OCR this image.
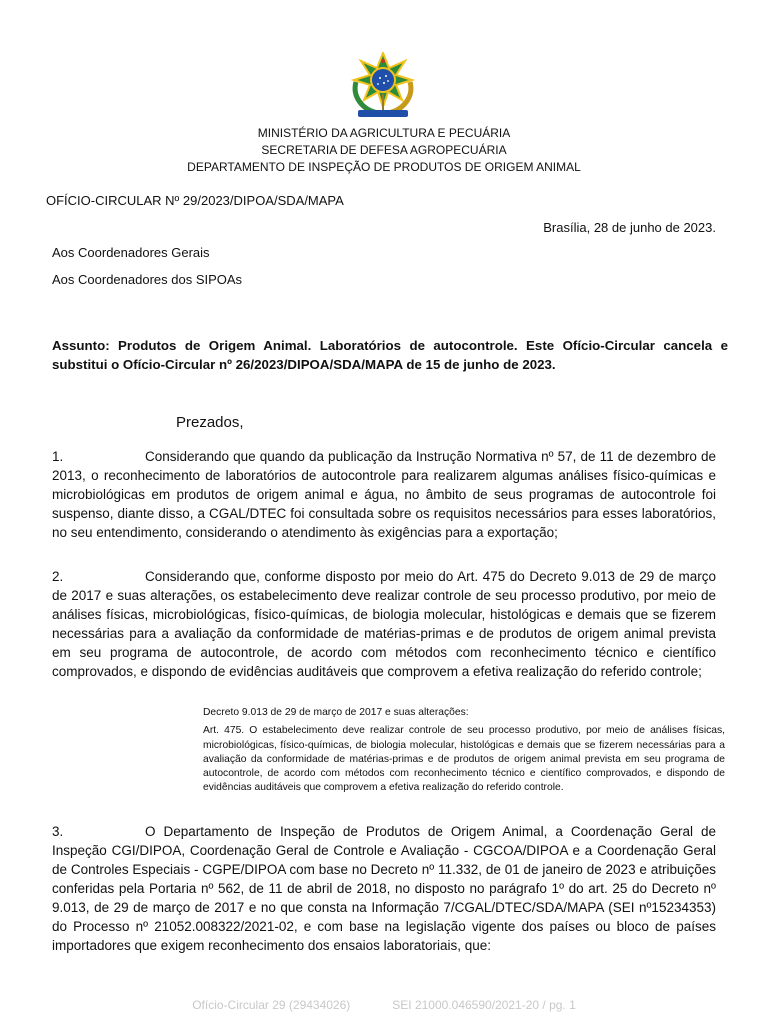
MINISTÉRIO DA AGRICULTURA E PECUÁRIA
SECRETARIA DE DEFESA AGROPECUÁRIA
DEPARTAMENTO DE INSPEÇÃO DE PRODUTOS DE ORIGEM ANIMAL
OFÍCIO-CIRCULAR Nº 29/2023/DIPOA/SDA/MAPA
Brasília, 28 de junho de 2023.
Aos Coordenadores Gerais
Aos Coordenadores dos SIPOAs
Assunto: Produtos de Origem Animal. Laboratórios de autocontrole. Este Ofício-Circular cancela e substitui o Ofício-Circular nº 26/2023/DIPOA/SDA/MAPA de 15 de junho de 2023.
Prezados,
1.	Considerando que quando da publicação da Instrução Normativa nº 57, de 11 de dezembro de 2013, o reconhecimento de laboratórios de autocontrole para realizarem algumas análises físico-químicas e microbiológicas em produtos de origem animal e água, no âmbito de seus programas de autocontrole foi suspenso, diante disso, a CGAL/DTEC foi consultada sobre os requisitos necessários para esses laboratórios, no seu entendimento, considerando o atendimento às exigências para a exportação;
2.	Considerando que, conforme disposto por meio do Art. 475 do Decreto 9.013 de 29 de março de 2017 e suas alterações, os estabelecimento deve realizar controle de seu processo produtivo, por meio de análises físicas, microbiológicas, físico-químicas, de biologia molecular, histológicas e demais que se fizerem necessárias para a avaliação da conformidade de matérias-primas e de produtos de origem animal prevista em seu programa de autocontrole, de acordo com métodos com reconhecimento técnico e científico comprovados, e dispondo de evidências auditáveis que comprovem a efetiva realização do referido controle;
Decreto 9.013 de 29 de março de 2017 e suas alterações:
Art. 475. O estabelecimento deve realizar controle de seu processo produtivo, por meio de análises físicas, microbiológicas, físico-químicas, de biologia molecular, histológicas e demais que se fizerem necessárias para a avaliação da conformidade de matérias-primas e de produtos de origem animal prevista em seu programa de autocontrole, de acordo com métodos com reconhecimento técnico e científico comprovados, e dispondo de evidências auditáveis que comprovem a efetiva realização do referido controle.
3.	O Departamento de Inspeção de Produtos de Origem Animal, a Coordenação Geral de Inspeção CGI/DIPOA, Coordenação Geral de Controle e Avaliação - CGCOA/DIPOA e a Coordenação Geral de Controles Especiais - CGPE/DIPOA com base no Decreto nº 11.332, de 01 de janeiro de 2023 e atribuições conferidas pela Portaria nº 562, de 11 de abril de 2018, no disposto no parágrafo 1º do art. 25 do Decreto nº 9.013, de 29 de março de 2017 e no que consta na Informação 7/CGAL/DTEC/SDA/MAPA (SEI nº15234353) do Processo nº 21052.008322/2021-02, e com base na legislação vigente dos países ou bloco de países importadores que exigem reconhecimento dos ensaios laboratoriais, que:
Ofício-Circular 29 (29434026)	SEI 21000.046590/2021-20 / pg. 1
